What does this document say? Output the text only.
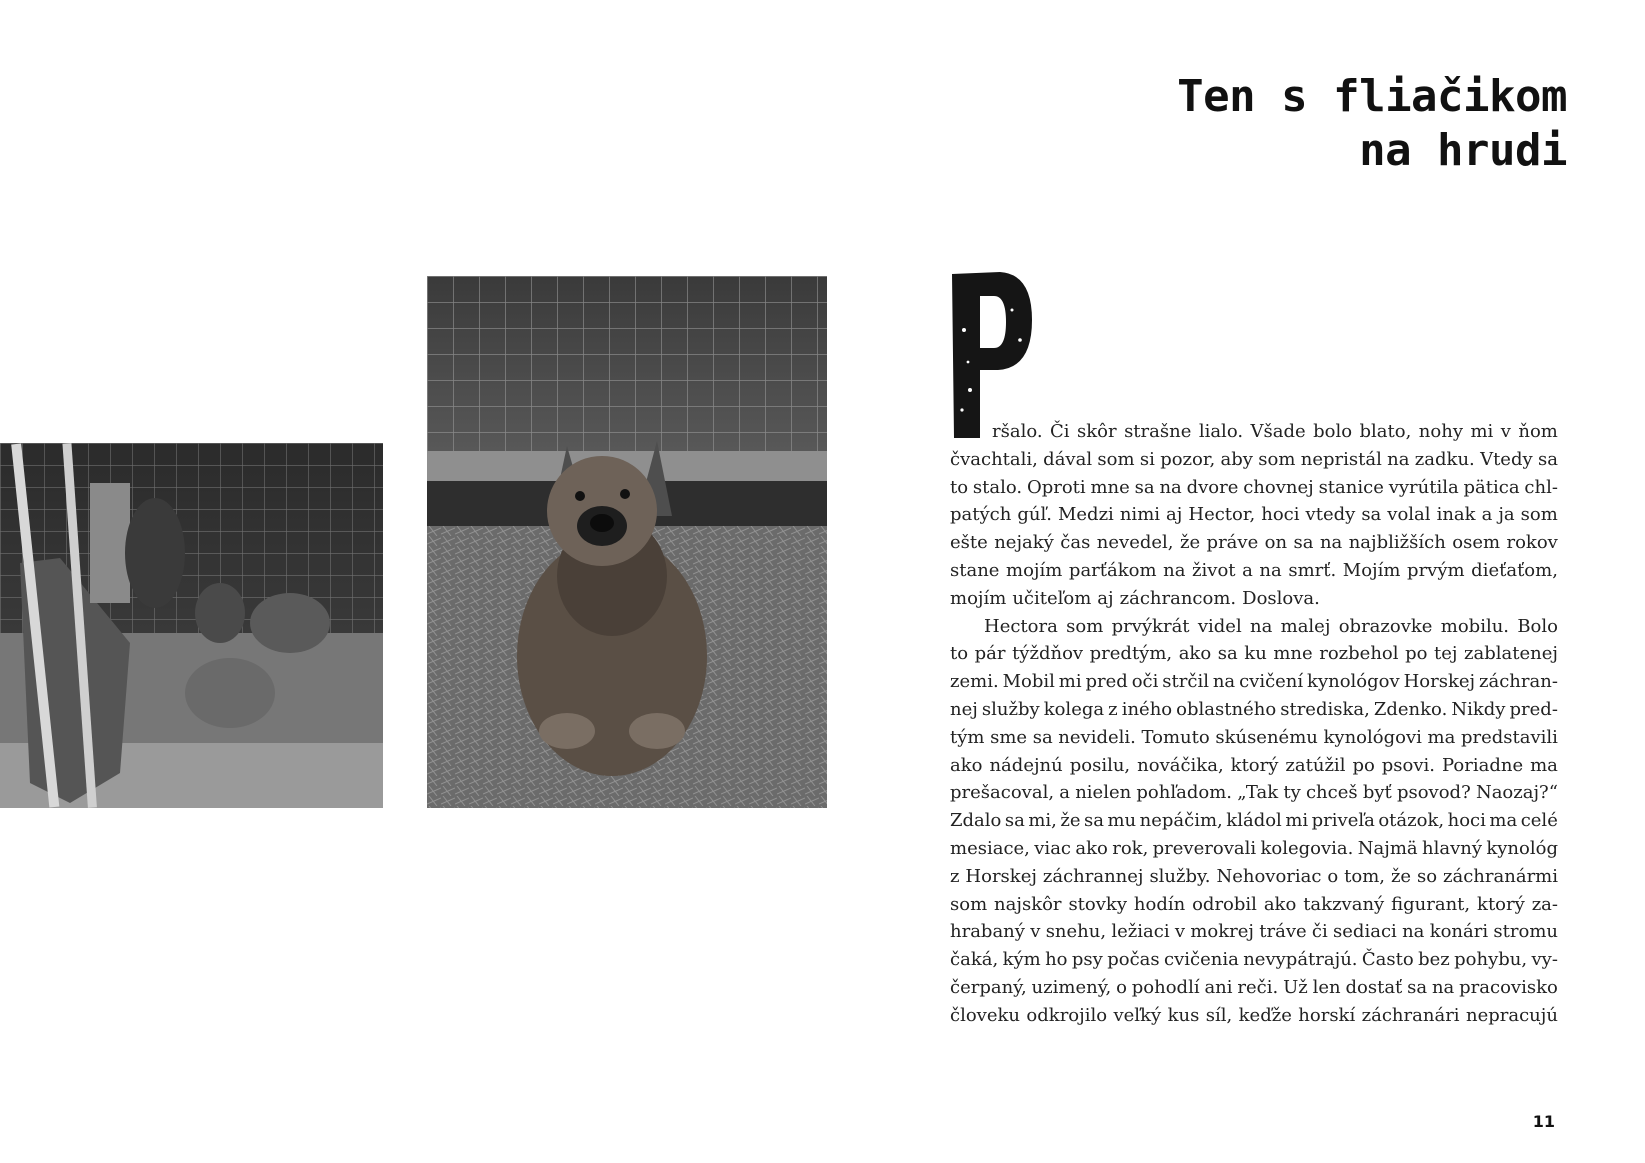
Ten s fliačikom
na hrudi
P
ršalo. Či skôr strašne lialo. Všade bolo blato, nohy mi v ňom
čvachtali, dával som si pozor, aby som nepristál na zadku. Vtedy sa
to stalo. Oproti mne sa na dvore chovnej stanice vyrútila pätica chl-
patých gúľ. Medzi nimi aj Hector, hoci vtedy sa volal inak a ja som
ešte nejaký čas nevedel, že práve on sa na najbližších osem rokov
stane mojím parťákom na život a na smrť. Mojím prvým dieťaťom,
mojím učiteľom aj záchrancom. Doslova.
Hectora som prvýkrát videl na malej obrazovke mobilu. Bolo
to pár týždňov predtým, ako sa ku mne rozbehol po tej zablatenej
zemi. Mobil mi pred oči strčil na cvičení kynológov Horskej záchran-
nej služby kolega z iného oblastného strediska, Zdenko. Nikdy pred-
tým sme sa nevideli. Tomuto skúsenému kynológovi ma predstavili
ako nádejnú posilu, nováčika, ktorý zatúžil po psovi. Poriadne ma
prešacoval, a nielen pohľadom. „Tak ty chceš byť psovod? Naozaj?“
Zdalo sa mi, že sa mu nepáčim, kládol mi priveľa otázok, hoci ma celé
mesiace, viac ako rok, preverovali kolegovia. Najmä hlavný kynológ
z Horskej záchrannej služby. Nehovoriac o tom, že so záchranármi
som najskôr stovky hodín odrobil ako takzvaný figurant, ktorý za-
hrabaný v snehu, ležiaci v mokrej tráve či sediaci na konári stromu
čaká, kým ho psy počas cvičenia nevypátrajú. Často bez pohybu, vy-
čerpaný, uzimený, o pohodlí ani reči. Už len dostať sa na pracovisko
človeku odkrojilo veľký kus síl, keďže horskí záchranári nepracujú
11
